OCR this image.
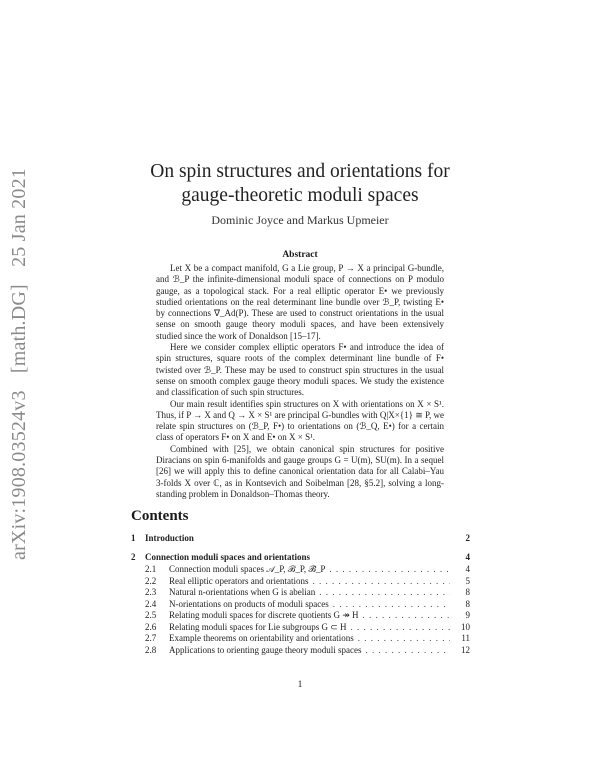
arXiv:1908.03524v3 [math.DG] 25 Jan 2021	On spin structures and orientations for
gauge-theoretic moduli spaces
Dominic Joyce and Markus Upmeier
Abstract

Let X be a compact manifold, G a Lie group, P → X a principal G-bundle, and ℬ_P the infinite-dimensional moduli space of connections on P modulo gauge, as a topological stack. For a real elliptic operator E• we previously studied orientations on the real determinant line bundle over ℬ_P, twisting E• by connections ∇_Ad(P). These are used to construct orientations in the usual sense on smooth gauge theory moduli spaces, and have been extensively studied since the work of Donaldson [15–17].

Here we consider complex elliptic operators F• and introduce the idea of spin structures, square roots of the complex determinant line bundle of F• twisted over ℬ_P. These may be used to construct spin structures in the usual sense on smooth complex gauge theory moduli spaces. We study the existence and classification of such spin structures.

Our main result identifies spin structures on X with orientations on X × S¹. Thus, if P → X and Q → X × S¹ are principal G-bundles with Q|X×{1} ≅ P, we relate spin structures on (ℬ_P, F•) to orientations on (ℬ_Q, E•) for a certain class of operators F• on X and E• on X × S¹.

Combined with [25], we obtain canonical spin structures for positive Diracians on spin 6-manifolds and gauge groups G = U(m), SU(m). In a sequel [26] we will apply this to define canonical orientation data for all Calabi–Yau 3-folds X over ℂ, as in Kontsevich and Soibelman [28, §5.2], solving a long-standing problem in Donaldson–Thomas theory.

Contents
1	Introduction	2
2	Connection moduli spaces and orientations	4
2.1	Connection moduli spaces 𝒜_P, ℬ_P, ℬ̄_P . . .	4
2.2	Real elliptic operators and orientations . . .	5
2.3	Natural n-orientations when G is abelian . . .	8
2.4	N-orientations on products of moduli spaces . . .	8
2.5	Relating moduli spaces for discrete quotients G ↠ H . . .	9
2.6	Relating moduli spaces for Lie subgroups G ⊂ H . . .	10
2.7	Example theorems on orientability and orientations . . .	11
2.8	Applications to orienting gauge theory moduli spaces . . .	12
1
